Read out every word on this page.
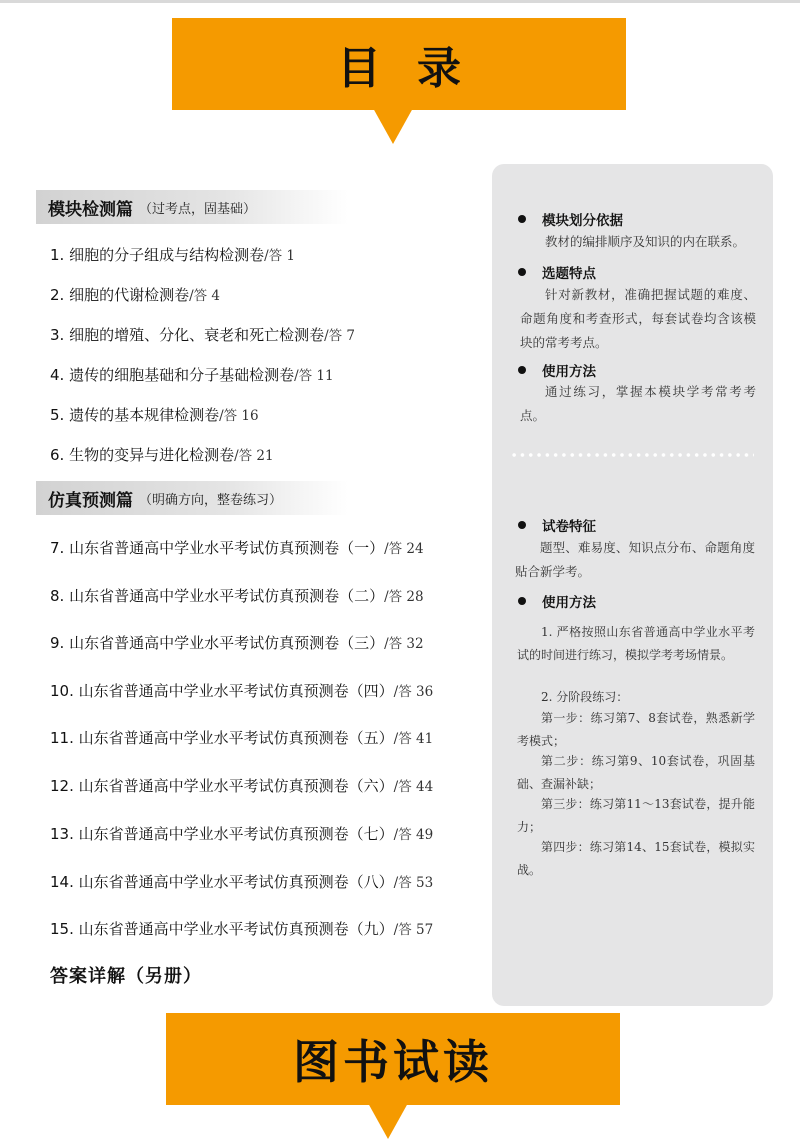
目录
模块检测篇 （过考点，固基础）
1. 细胞的分子组成与结构检测卷/答 1
2. 细胞的代谢检测卷/答 4
3. 细胞的增殖、分化、衰老和死亡检测卷/答 7
4. 遗传的细胞基础和分子基础检测卷/答 11
5. 遗传的基本规律检测卷/答 16
6. 生物的变异与进化检测卷/答 21
仿真预测篇 （明确方向，整卷练习）
7. 山东省普通高中学业水平考试仿真预测卷（一）/答 24
8. 山东省普通高中学业水平考试仿真预测卷（二）/答 28
9. 山东省普通高中学业水平考试仿真预测卷（三）/答 32
10. 山东省普通高中学业水平考试仿真预测卷（四）/答 36
11. 山东省普通高中学业水平考试仿真预测卷（五）/答 41
12. 山东省普通高中学业水平考试仿真预测卷（六）/答 44
13. 山东省普通高中学业水平考试仿真预测卷（七）/答 49
14. 山东省普通高中学业水平考试仿真预测卷（八）/答 53
15. 山东省普通高中学业水平考试仿真预测卷（九）/答 57
答案详解（另册）
模块划分依据
教材的编排顺序及知识的内在联系。
选题特点
针对新教材，准确把握试题的难度、命题角度和考查形式，每套试卷均含该模块的常考考点。
使用方法
通过练习，掌握本模块学考常考考点。
试卷特征
题型、难易度、知识点分布、命题角度贴合新学考。
使用方法
1. 严格按照山东省普通高中学业水平考试的时间进行练习，模拟学考考场情景。
2. 分阶段练习：
第一步：练习第7、8套试卷，熟悉新学考模式；
第二步：练习第9、10套试卷，巩固基础、查漏补缺；
第三步：练习第11～13套试卷，提升能力；
第四步：练习第14、15套试卷，模拟实战。
图书试读
